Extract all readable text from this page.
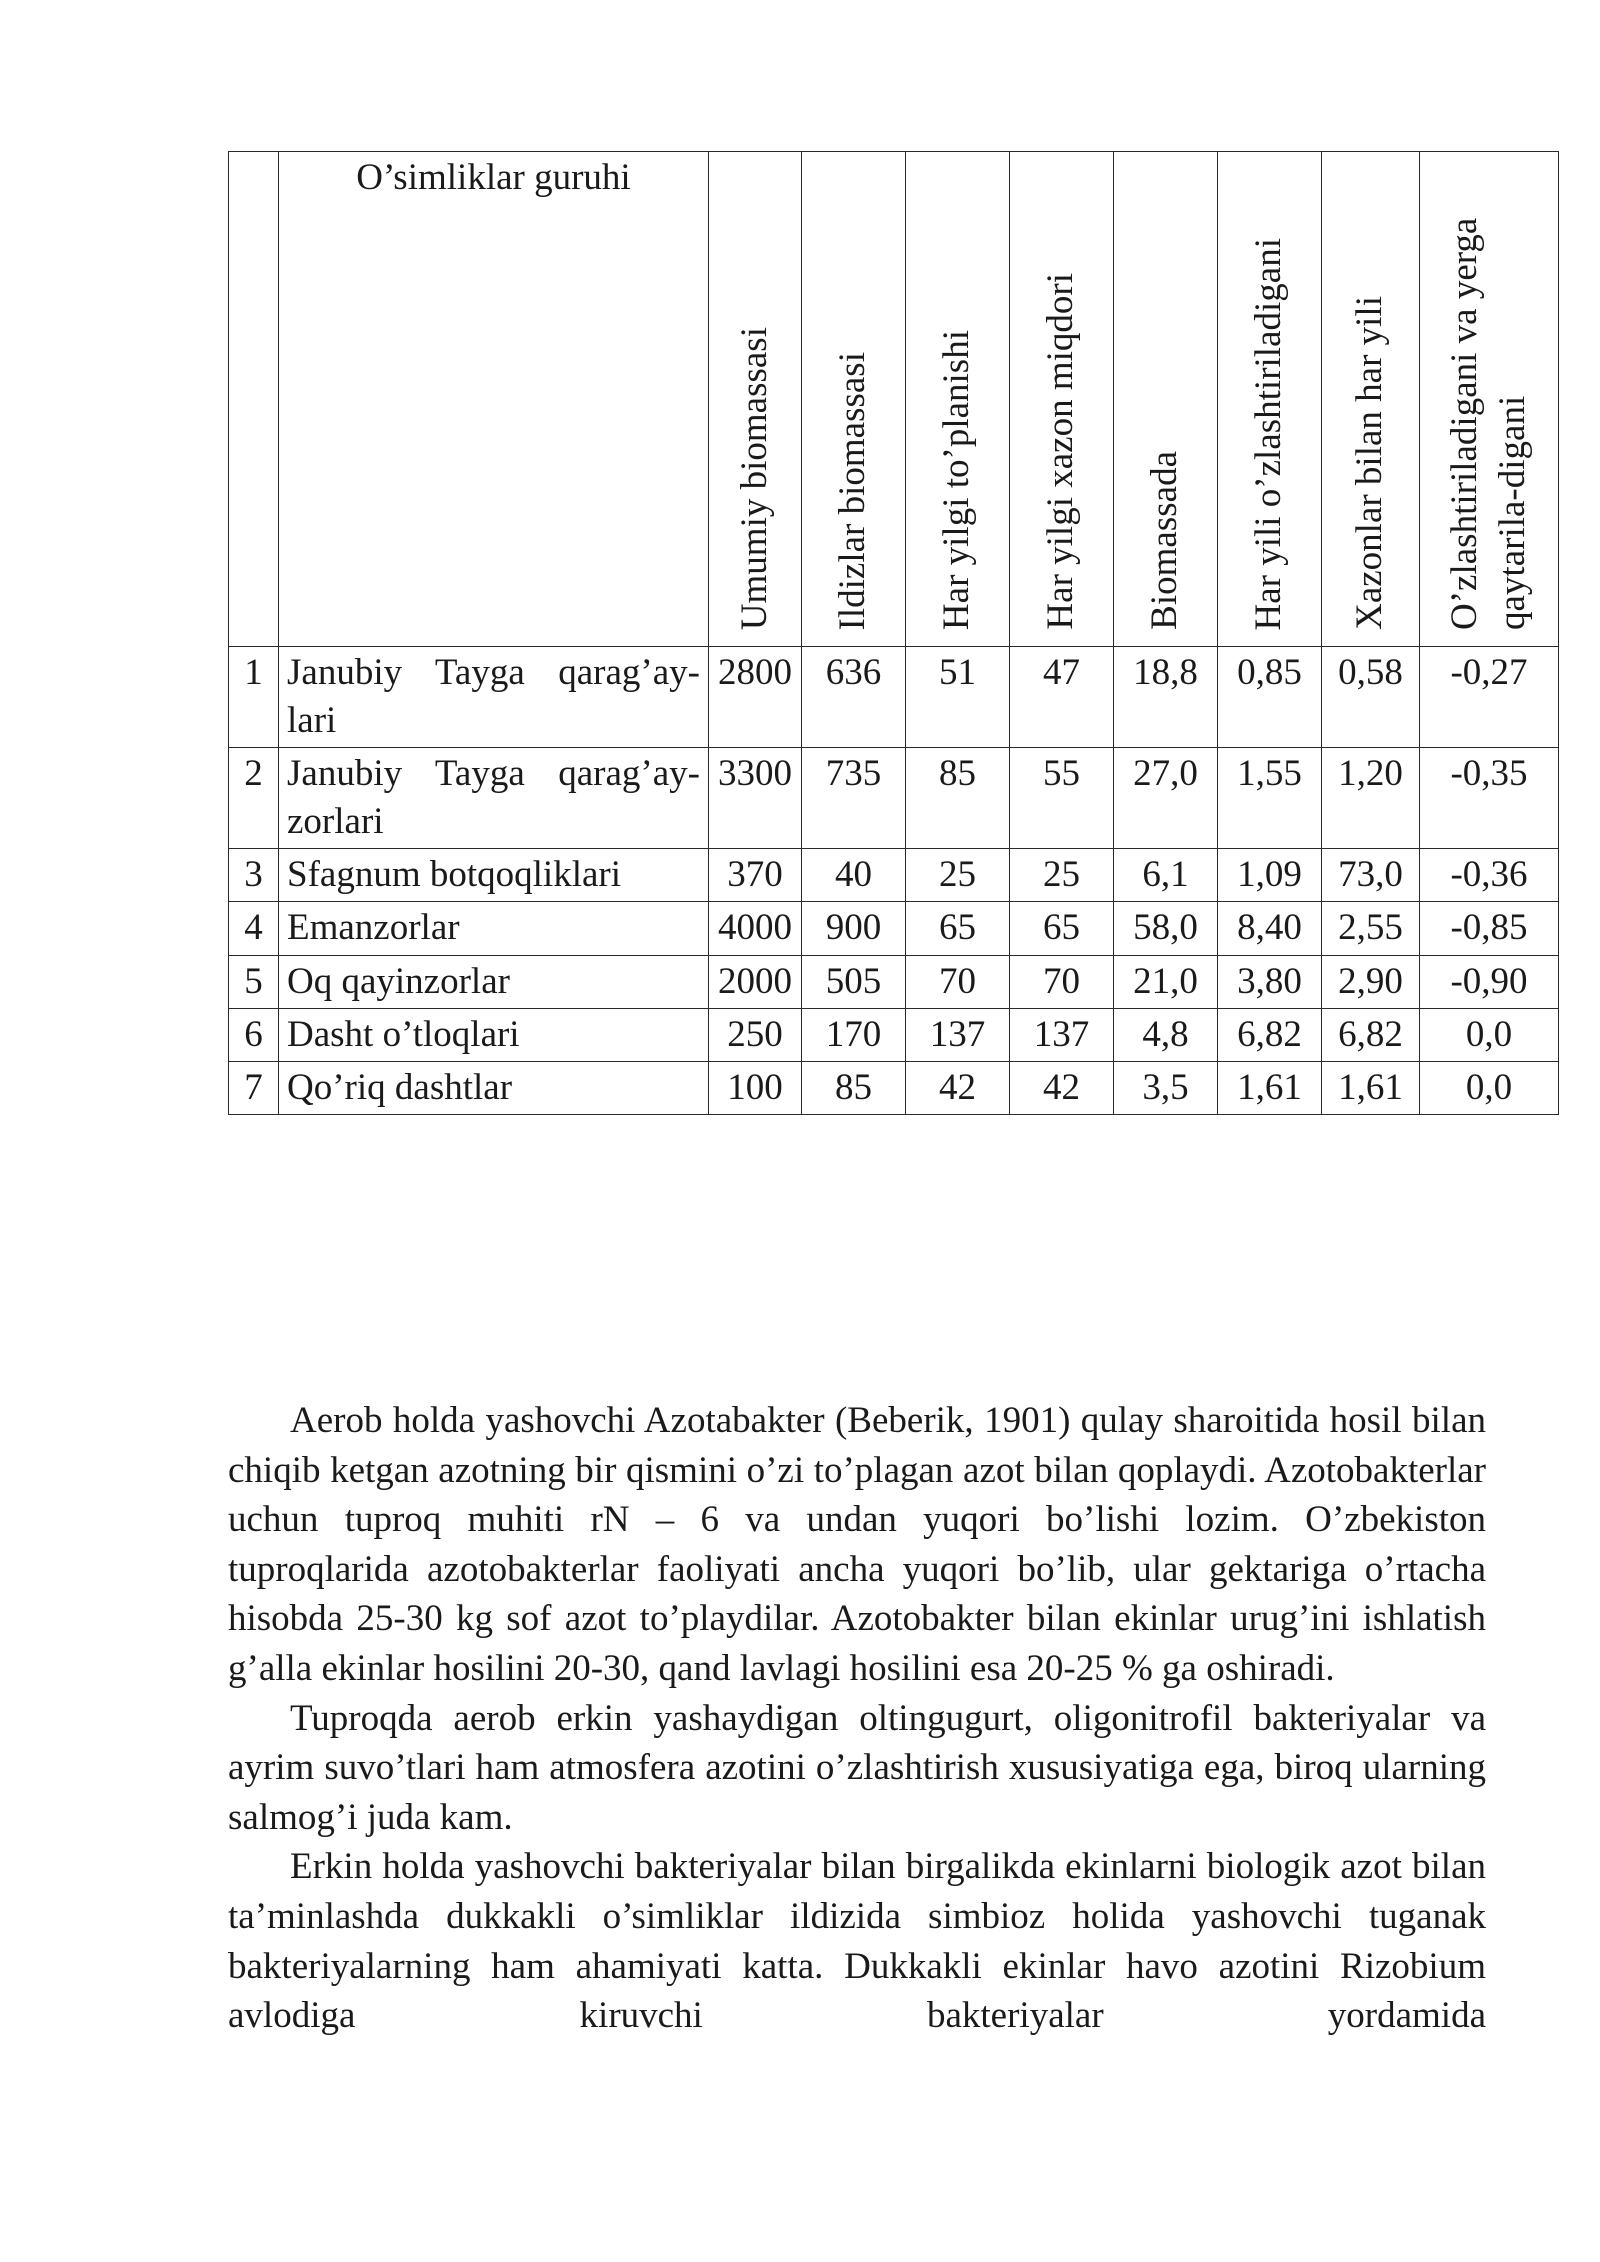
	O’simliklar guruhi	Umumiy biomassasi	Ildizlar biomassasi	Har yilgi to’planishi	Har yilgi xazon miqdori	Biomassada	Har yili o’zlashtiriladigani	Xazonlar bilan har yili	O’zlashtiriladigani va yerga qaytarila-digani

1	Janubiy Tayga qarag’ay-lari	2800	636	51	47	18,8	0,85	0,58	-0,27
2	Janubiy Tayga qarag’ay-zorlari	3300	735	85	55	27,0	1,55	1,20	-0,35
3	Sfagnum botqoqliklari	370	40	25	25	6,1	1,09	73,0	-0,36
4	Emanzorlar	4000	900	65	65	58,0	8,40	2,55	-0,85
5	Oq qayinzorlar	2000	505	70	70	21,0	3,80	2,90	-0,90
6	Dasht o’tloqlari	250	170	137	137	4,8	6,82	6,82	0,0
7	Qo’riq dashtlar	100	85	42	42	3,5	1,61	1,61	0,0

Aerob holda yashovchi Azotabakter (Beberik, 1901) qulay sharoitida hosil bilan chiqib ketgan azotning bir qismini o’zi to’plagan azot bilan qoplaydi. Azotobakterlar uchun tuproq muhiti rN – 6 va undan yuqori bo’lishi lozim. O’zbekiston tuproqlarida azotobakterlar faoliyati ancha yuqori bo’lib, ular gektariga o’rtacha hisobda 25-30 kg sof azot to’playdilar. Azotobakter bilan ekinlar urug’ini ishlatish g’alla ekinlar hosilini 20-30, qand lavlagi hosilini esa 20-25 % ga oshiradi.

Tuproqda aerob erkin yashaydigan oltingugurt, oligonitrofil bakteriyalar va ayrim suvo’tlari ham atmosfera azotini o’zlashtirish xususiyatiga ega, biroq ularning salmog’i juda kam.

Erkin holda yashovchi bakteriyalar bilan birgalikda ekinlarni biologik azot bilan ta’minlashda dukkakli o’simliklar ildizida simbioz holida yashovchi tuganak bakteriyalarning ham ahamiyati katta. Dukkakli ekinlar havo azotini Rizobium avlodiga kiruvchi bakteriyalar yordamida
